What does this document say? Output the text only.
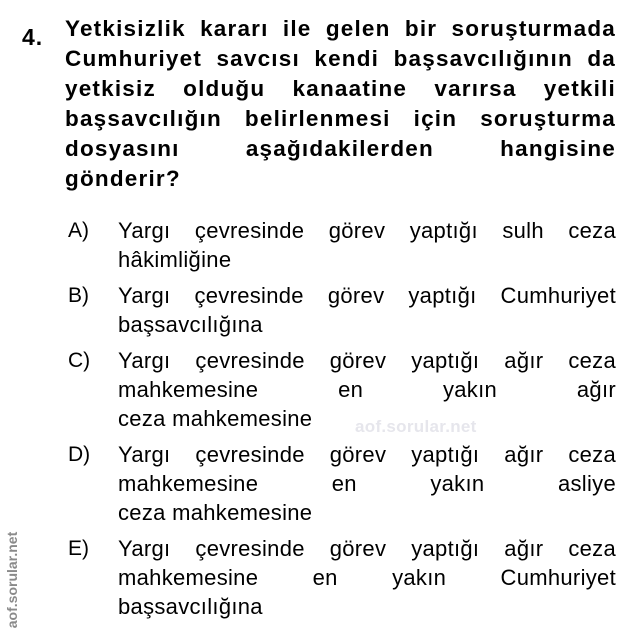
4. Yetkisizlik kararı ile gelen bir soruşturmada
Cumhuriyet savcısı kendi başsavcılığının da
yetkisiz olduğu kanaatine varırsa yetkili
başsavcılığın belirlenmesi için soruşturma
dosyasını aşağıdakilerden hangisine
gönderir?
A) Yargı çevresinde görev yaptığı sulh ceza
hâkimliğine
B) Yargı çevresinde görev yaptığı Cumhuriyet
başsavcılığına
C) Yargı çevresinde görev yaptığı ağır ceza
mahkemesine en yakın ağır
ceza mahkemesine
D) Yargı çevresinde görev yaptığı ağır ceza
mahkemesine en yakın asliye
ceza mahkemesine
E) Yargı çevresinde görev yaptığı ağır ceza
mahkemesine en yakın Cumhuriyet
başsavcılığına
aof.sorular.net
aof.sorular.net
